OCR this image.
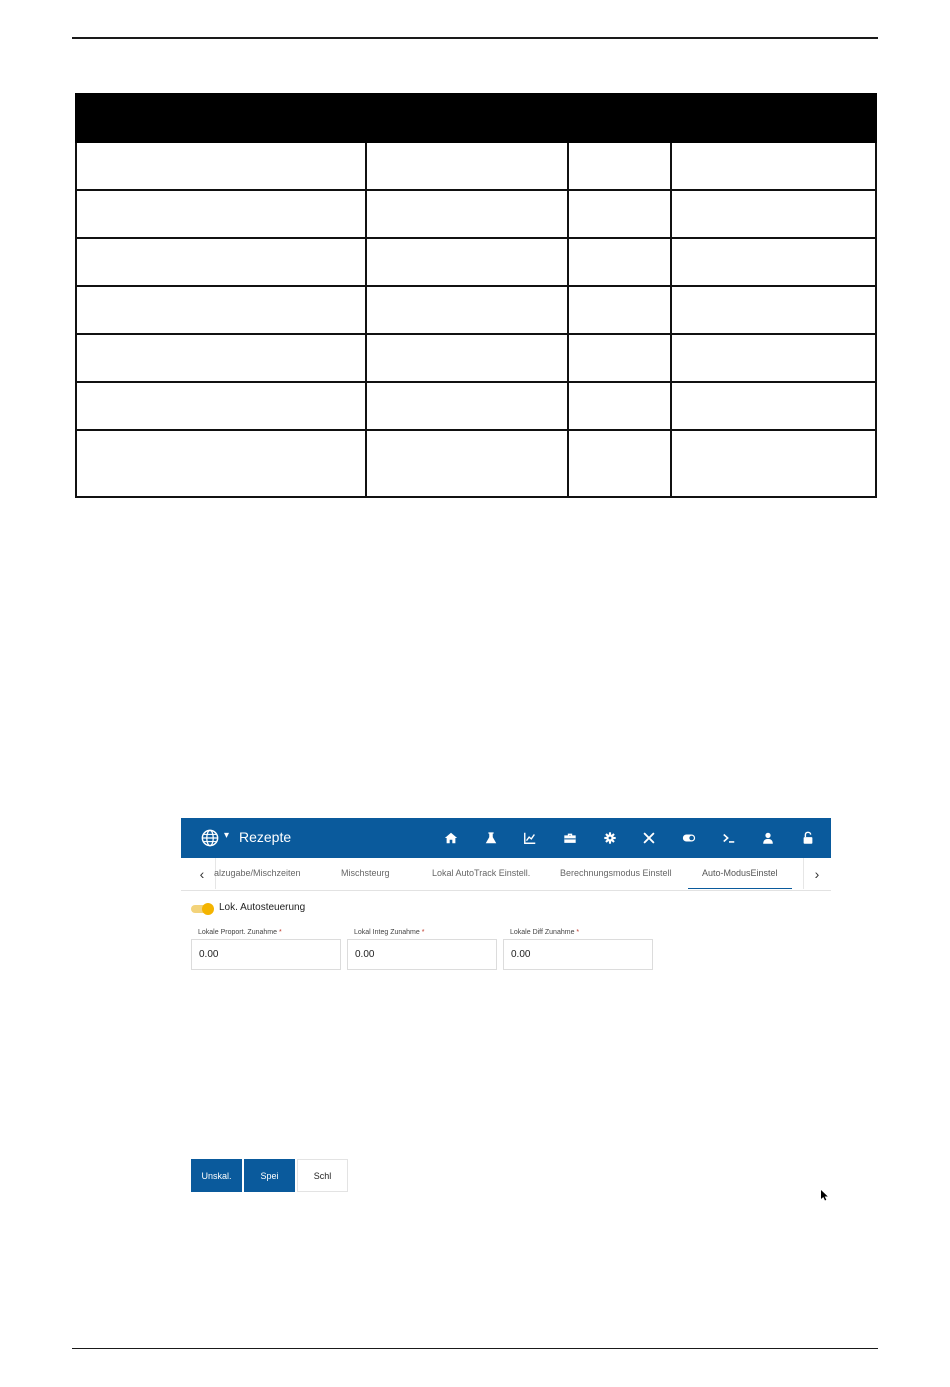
▾ Rezepte
‹	alzugabe/Mischzeiten	Mischsteurg	Lokal AutoTrack Einstell.	Berechnungsmodus Einstell	Auto-ModusEinstel	›
Lok. Autosteuerung
Lokale Proport. Zunahme *
0.00	Lokal Integ Zunahme *
0.00	Lokale Diff Zunahme *
0.00
Unskal.	Spei	Schl
